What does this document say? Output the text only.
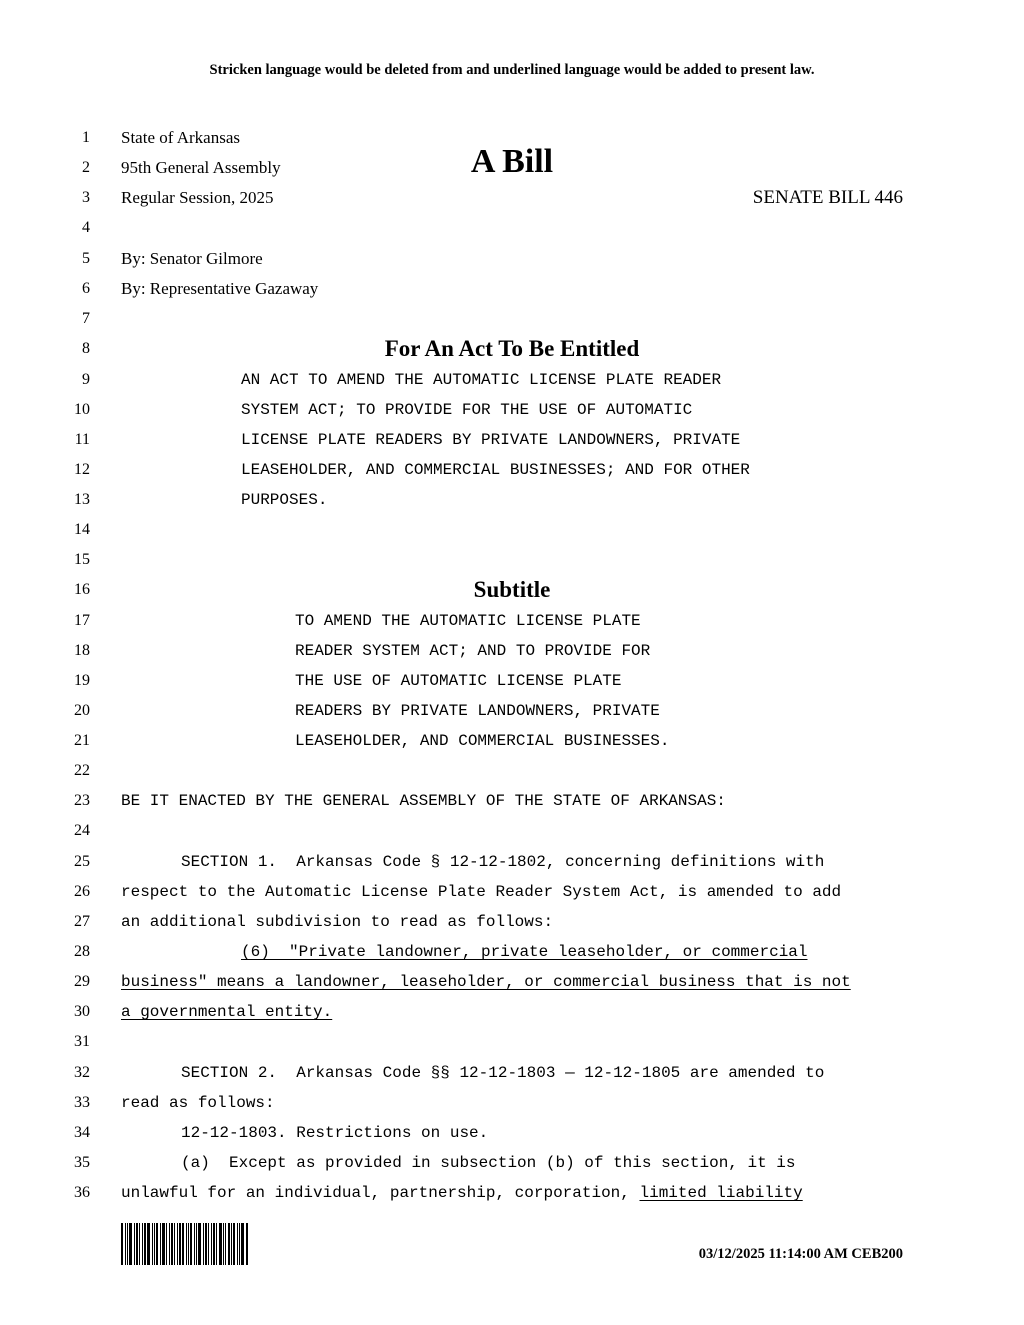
Stricken language would be deleted from and underlined language would be added to present law.
1
2
3
4
5
6
7
8
9
10
11
12
13
14
15
16
17
18
19
20
21
22
23
24
25
26
27
28
29
30
31
32
33
34
35
36
State of Arkansas
95th General Assembly
Regular Session, 2025
A Bill
SENATE BILL 446
By: Senator Gilmore
By: Representative Gazaway
For An Act To Be Entitled
AN ACT TO AMEND THE AUTOMATIC LICENSE PLATE READER
SYSTEM ACT; TO PROVIDE FOR THE USE OF AUTOMATIC
LICENSE PLATE READERS BY PRIVATE LANDOWNERS, PRIVATE
LEASEHOLDER, AND COMMERCIAL BUSINESSES; AND FOR OTHER
PURPOSES.
Subtitle
TO AMEND THE AUTOMATIC LICENSE PLATE
READER SYSTEM ACT; AND TO PROVIDE FOR
THE USE OF AUTOMATIC LICENSE PLATE
READERS BY PRIVATE LANDOWNERS, PRIVATE
LEASEHOLDER, AND COMMERCIAL BUSINESSES.
BE IT ENACTED BY THE GENERAL ASSEMBLY OF THE STATE OF ARKANSAS:
SECTION 1.  Arkansas Code § 12-12-1802, concerning definitions with
respect to the Automatic License Plate Reader System Act, is amended to add
an additional subdivision to read as follows:
(6)  "Private landowner, private leaseholder, or commercial
business" means a landowner, leaseholder, or commercial business that is not
a governmental entity.
SECTION 2.  Arkansas Code §§ 12-12-1803 — 12-12-1805 are amended to
read as follows:
12-12-1803. Restrictions on use.
(a)  Except as provided in subsection (b) of this section, it is
unlawful for an individual, partnership, corporation, limited liability
03/12/2025 11:14:00 AM CEB200
